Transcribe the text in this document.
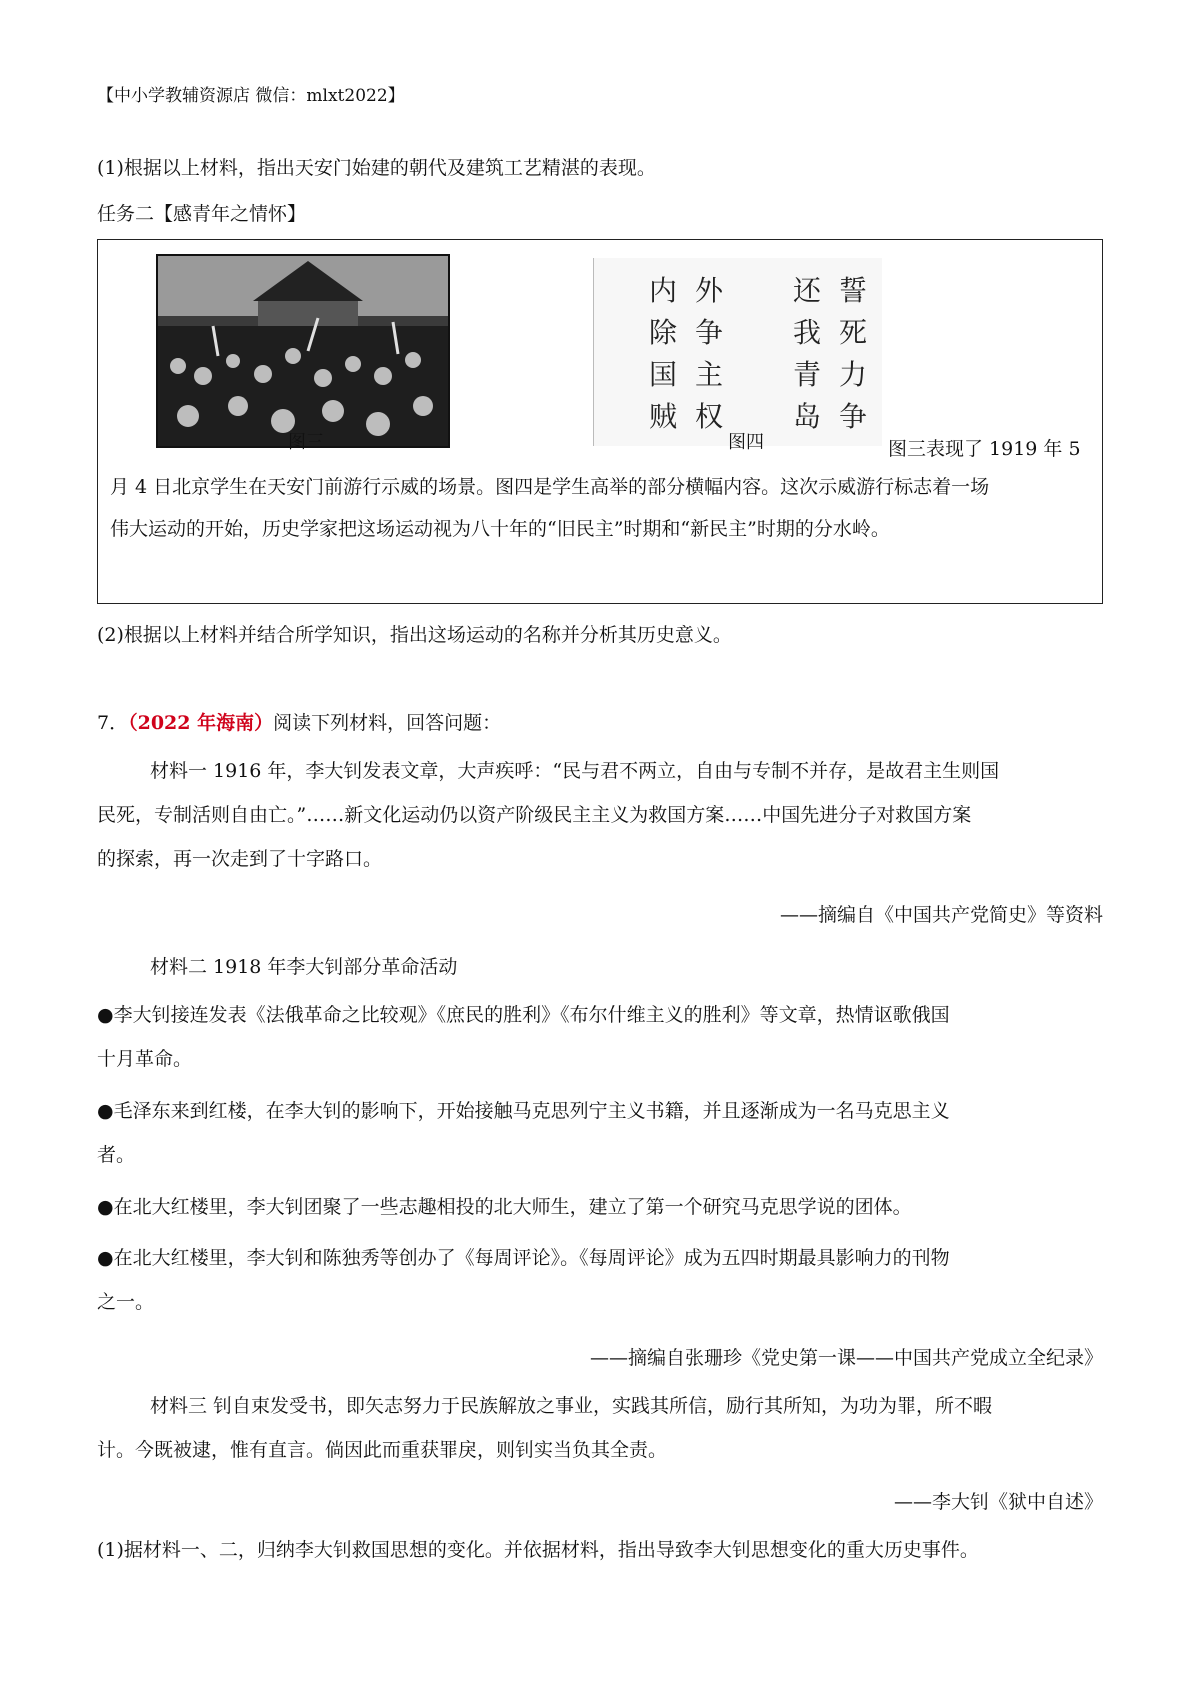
【中小学教辅资源店 微信：mlxt2022】
(1)根据以上材料，指出天安门始建的朝代及建筑工艺精湛的表现。
任务二【感青年之情怀】
图三
誓死力争
还我青岛
外争主权
内除国贼
图四	图三表现了 1919 年 5
月 4 日北京学生在天安门前游行示威的场景。图四是学生高举的部分横幅内容。这次示威游行标志着一场
伟大运动的开始，历史学家把这场运动视为八十年的“旧民主”时期和“新民主”时期的分水岭。
(2)根据以上材料并结合所学知识，指出这场运动的名称并分析其历史意义。
7．（2022 年海南）阅读下列材料，回答问题：
材料一 1916 年，李大钊发表文章，大声疾呼：“民与君不两立，自由与专制不并存，是故君主生则国
民死，专制活则自由亡。”……新文化运动仍以资产阶级民主主义为救国方案……中国先进分子对救国方案
的探索，再一次走到了十字路口。
——摘编自《中国共产党简史》等资料
材料二 1918 年李大钊部分革命活动
●李大钊接连发表《法俄革命之比较观》《庶民的胜利》《布尔什维主义的胜利》等文章，热情讴歌俄国
十月革命。
●毛泽东来到红楼，在李大钊的影响下，开始接触马克思列宁主义书籍，并且逐渐成为一名马克思主义
者。
●在北大红楼里，李大钊团聚了一些志趣相投的北大师生，建立了第一个研究马克思学说的团体。
●在北大红楼里，李大钊和陈独秀等创办了《每周评论》。《每周评论》成为五四时期最具影响力的刊物
之一。
——摘编自张珊珍《党史第一课——中国共产党成立全纪录》
材料三 钊自束发受书，即矢志努力于民族解放之事业，实践其所信，励行其所知，为功为罪，所不暇
计。今既被逮，惟有直言。倘因此而重获罪戾，则钊实当负其全责。
——李大钊《狱中自述》
(1)据材料一、二，归纳李大钊救国思想的变化。并依据材料，指出导致李大钊思想变化的重大历史事件。
